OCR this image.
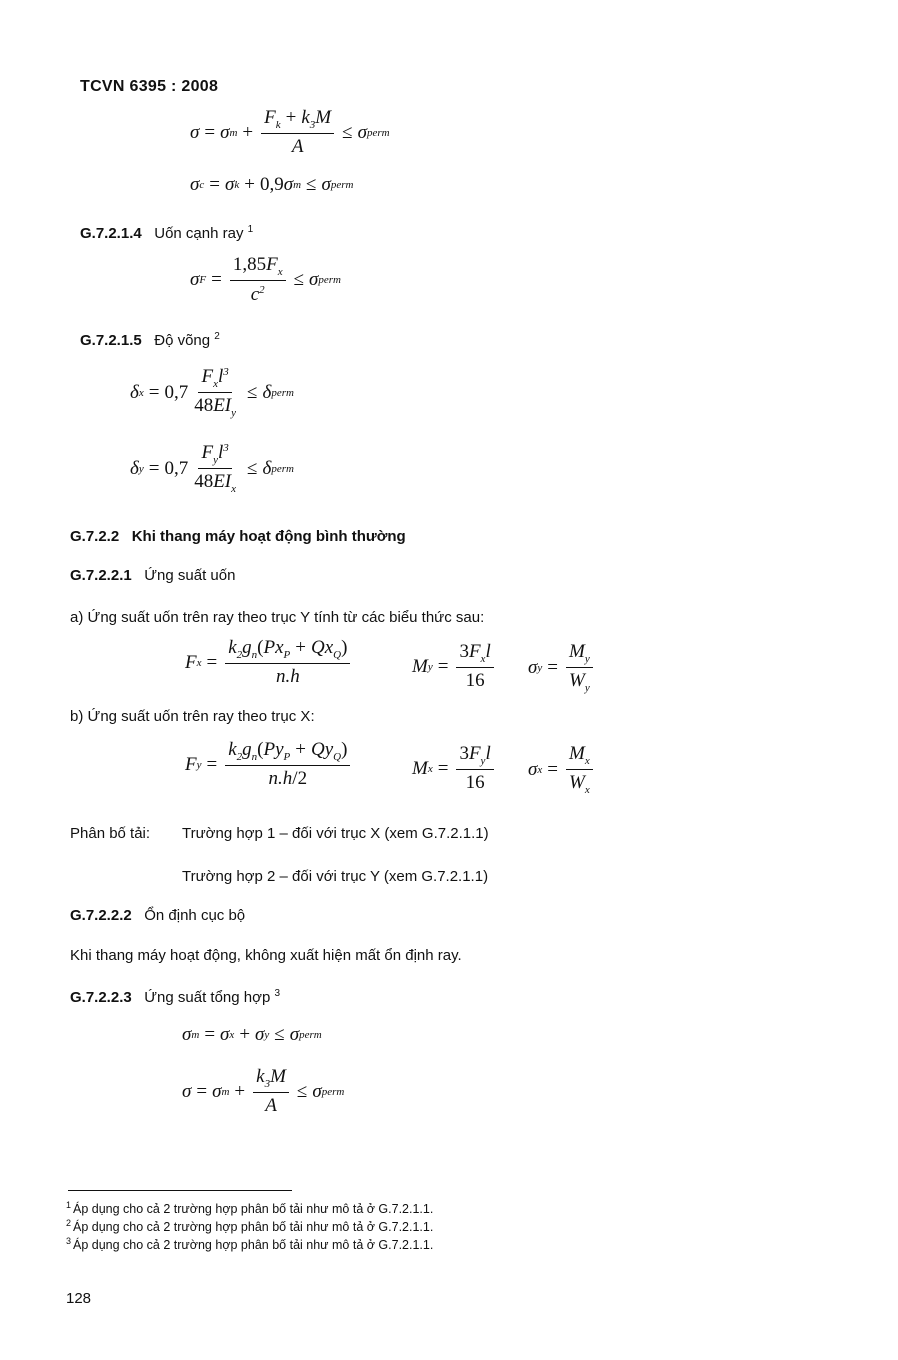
TCVN 6395 : 2008
σ = σ $m + \frac{F_k + k_3M}{A} \le \sigma$ perm
σ c = σ k + 0,9 σ m ≤ σ perm
G.7.2.1.4 Uốn cạnh ray $^1$
σ $F = \frac{1,85F_x}{c^2} \le \sigma$ perm
G.7.2.1.5 Độ võng $^2$
δ $x = 0,7 \frac{F_xl^3}{48EI_y} \le \delta$ perm
δ $y = 0,7 \frac{F_yl^3}{48EI_x} \le \delta$ perm
G.7.2.2 Khi thang máy hoạt động bình thường
G.7.2.2.1 Ứng suất uốn
a) Ứng suất uốn trên ray theo trục Y tính từ các biểu thức sau:
F $x = \frac{k_2g_n(Px_P + Qx_Q)}{n.h}$	M $y = \frac{3F_xl}{16}$ σ $y = \frac{M_y}{W_y}$
b) Ứng suất uốn trên ray theo trục X:
F $y = \frac{k_2g_n(Py_P + Qy_Q)}{n.h/2}$	M $x = \frac{3F_yl}{16}$ σ $x = \frac{M_x}{W_x}$
Phân bố tải: Trường hợp 1 – đối với trục X (xem G.7.2.1.1)
Trường hợp 2 – đối với trục Y (xem G.7.2.1.1)
G.7.2.2.2 Ổn định cục bộ
Khi thang máy hoạt động, không xuất hiện mất ổn định ray.
G.7.2.2.3 Ứng suất tổng hợp $^3$
σ m = σ x + σ y ≤ σ perm
σ = σ $m + \frac{k_3M}{A} \le \sigma$ perm
$^1$ Áp dụng cho cả 2 trường hợp phân bố tải như mô tả ở G.7.2.1.1.
$^2$ Áp dụng cho cả 2 trường hợp phân bố tải như mô tả ở G.7.2.1.1.
$^3$ Áp dụng cho cả 2 trường hợp phân bố tải như mô tả ở G.7.2.1.1.
128
